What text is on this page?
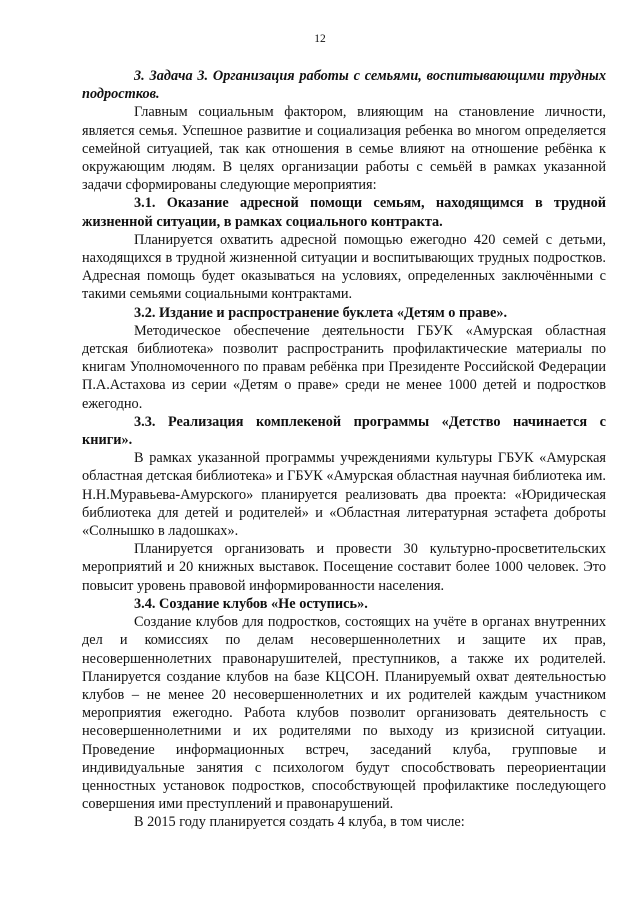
12

3. Задача 3. Организация работы с семьями, воспитывающими трудных подростков.

Главным социальным фактором, влияющим на становление личности, является семья. Успешное развитие и социализация ребенка во многом определяется семейной ситуацией, так как отношения в семье влияют на отношение ребёнка к окружающим людям. В целях организации работы с семьёй в рамках указанной задачи сформированы следующие мероприятия:

3.1. Оказание адресной помощи семьям, находящимся в трудной жизненной ситуации, в рамках социального контракта.

Планируется охватить адресной помощью ежегодно 420 семей с детьми, находящихся в трудной жизненной ситуации и воспитывающих трудных подростков. Адресная помощь будет оказываться на условиях, определенных заключёнными с такими семьями социальными контрактами.

3.2. Издание и распространение буклета «Детям о праве».

Методическое обеспечение деятельности ГБУК «Амурская областная детская библиотека» позволит распространить профилактические материалы по книгам Уполномоченного по правам ребёнка при Президенте Российской Федерации П.А.Астахова из серии «Детям о праве» среди не менее 1000 детей и подростков ежегодно.

3.3. Реализация комплекеной программы «Детство начинается с книги».

В рамках указанной программы учреждениями культуры ГБУК «Амурская областная детская библиотека» и ГБУК «Амурская областная научная библиотека им. Н.Н.Муравьева-Амурского» планируется реализовать два проекта: «Юридическая библиотека для детей и родителей» и «Областная литературная эстафета доброты «Солнышко в ладошках».

Планируется организовать и провести 30 культурно-просветительских мероприятий и 20 книжных выставок. Посещение составит более 1000 человек. Это повысит уровень правовой информированности населения.

3.4. Создание клубов «Не оступись».

Создание клубов для подростков, состоящих на учёте в органах внутренних дел и комиссиях по делам несовершеннолетних и защите их прав, несовершеннолетних правонарушителей, преступников, а также их родителей. Планируется создание клубов на базе КЦСОН. Планируемый охват деятельностью клубов – не менее 20 несовершеннолетних и их родителей каждым участником мероприятия ежегодно. Работа клубов позволит организовать деятельность с несовершеннолетними и их родителями по выходу из кризисной ситуации. Проведение информационных встреч, заседаний клуба, групповые и индивидуальные занятия с психологом будут способствовать переориентации ценностных установок подростков, способствующей профилактике последующего совершения ими преступлений и правонарушений.

В 2015 году планируется создать 4 клуба, в том числе:
